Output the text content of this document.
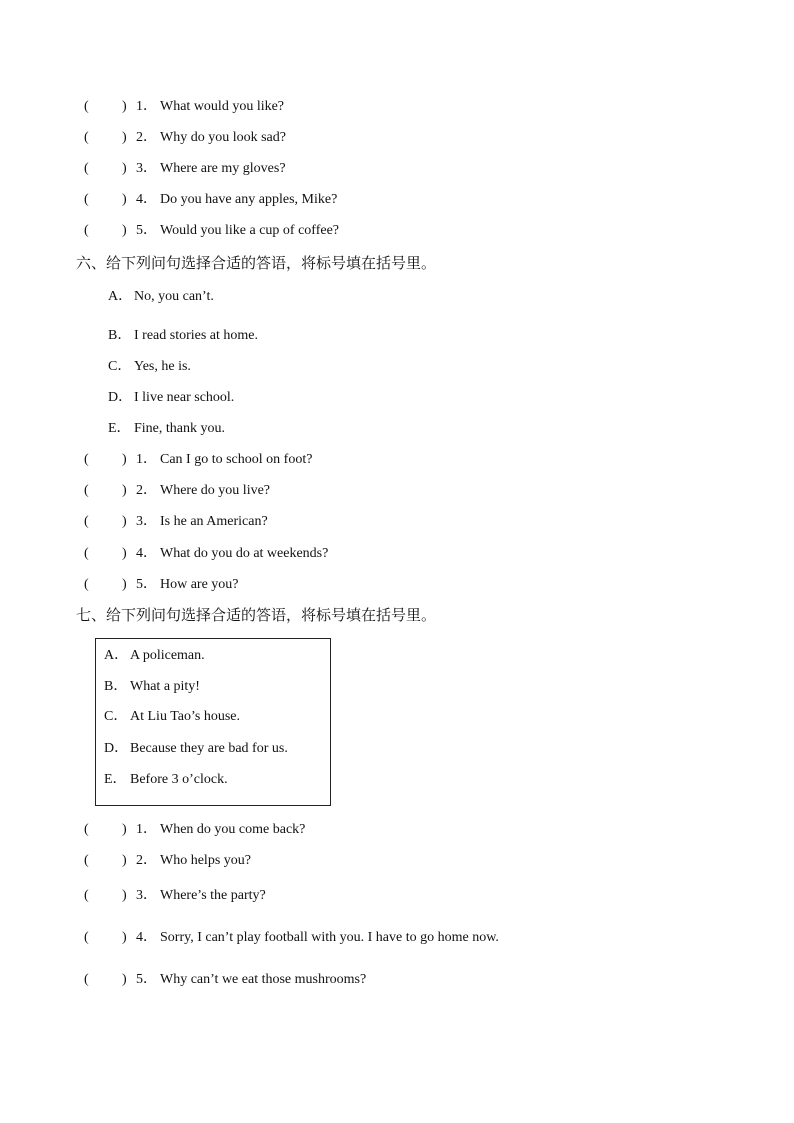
( ) 1． What would you like?
( ) 2． Why do you look sad?
( ) 3． Where are my gloves?
( ) 4． Do you have any apples, Mike?
( ) 5． Would you like a cup of coffee?
六、给下列问句选择合适的答语，将标号填在括号里。
A． No, you can’t.
B． I read stories at home.
C． Yes, he is.
D． I live near school.
E． Fine, thank you.
( ) 1． Can I go to school on foot?
( ) 2． Where do you live?
( ) 3． Is he an American?
( ) 4． What do you do at weekends?
( ) 5． How are you?
七、给下列问句选择合适的答语，将标号填在括号里。
A． A policeman.
B． What a pity!
C． At Liu Tao’s house.
D． Because they are bad for us.
E． Before 3 o’clock.
( ) 1． When do you come back?
( ) 2． Who helps you?
( ) 3． Where’s the party?
( ) 4． Sorry, I can’t play football with you. I have to go home now.
( ) 5． Why can’t we eat those mushrooms?
